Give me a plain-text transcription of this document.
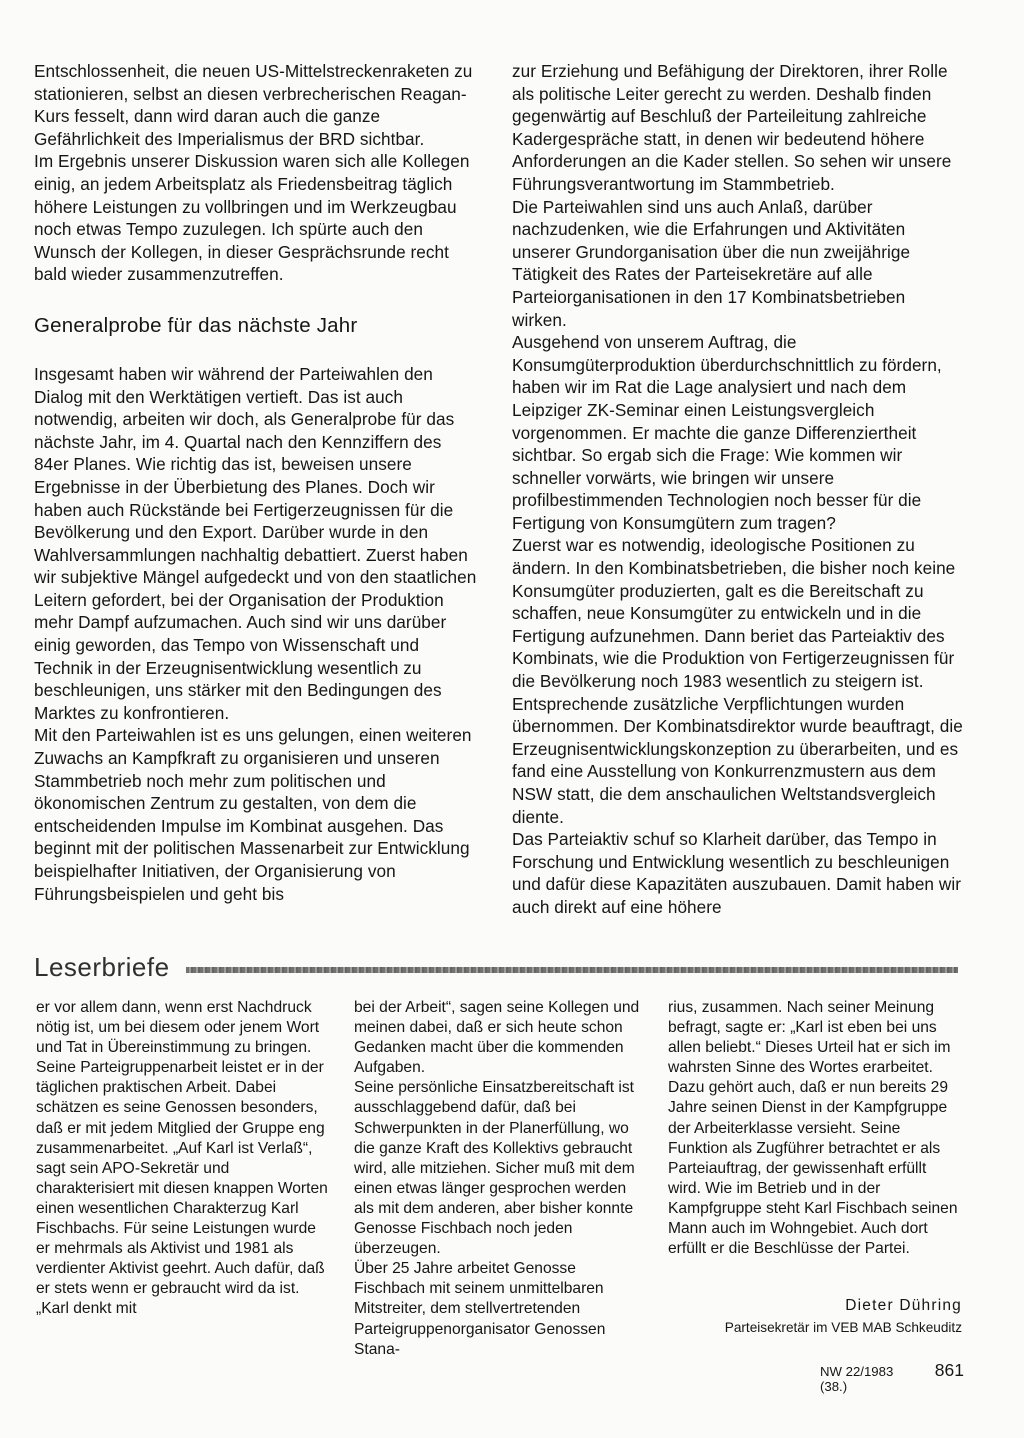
Entschlossenheit, die neuen US-Mittelstreckenraketen zu stationieren, selbst an diesen verbrecherischen Reagan-Kurs fesselt, dann wird daran auch die ganze Gefährlichkeit des Imperialismus der BRD sichtbar.

Im Ergebnis unserer Diskussion waren sich alle Kollegen einig, an jedem Arbeitsplatz als Friedensbeitrag täglich höhere Leistungen zu vollbringen und im Werkzeugbau noch etwas Tempo zuzulegen. Ich spürte auch den Wunsch der Kollegen, in dieser Gesprächsrunde recht bald wieder zusammenzutreffen.

Generalprobe für das nächste Jahr

Insgesamt haben wir während der Parteiwahlen den Dialog mit den Werktätigen vertieft. Das ist auch notwendig, arbeiten wir doch, als Generalprobe für das nächste Jahr, im 4. Quartal nach den Kennziffern des 84er Planes. Wie richtig das ist, beweisen unsere Ergebnisse in der Überbietung des Planes. Doch wir haben auch Rückstände bei Fertigerzeugnissen für die Bevölkerung und den Export. Darüber wurde in den Wahlversammlungen nachhaltig debattiert. Zuerst haben wir subjektive Mängel aufgedeckt und von den staatlichen Leitern gefordert, bei der Organisation der Produktion mehr Dampf aufzumachen. Auch sind wir uns darüber einig geworden, das Tempo von Wissenschaft und Technik in der Erzeugnisentwicklung wesentlich zu beschleunigen, uns stärker mit den Bedingungen des Marktes zu konfrontieren.

Mit den Parteiwahlen ist es uns gelungen, einen weiteren Zuwachs an Kampfkraft zu organisieren und unseren Stammbetrieb noch mehr zum politischen und ökonomischen Zentrum zu gestalten, von dem die entscheidenden Impulse im Kombinat ausgehen. Das beginnt mit der politischen Massenarbeit zur Entwicklung beispielhafter Initiativen, der Organisierung von Führungsbeispielen und geht bis

zur Erziehung und Befähigung der Direktoren, ihrer Rolle als politische Leiter gerecht zu werden. Deshalb finden gegenwärtig auf Beschluß der Parteileitung zahlreiche Kadergespräche statt, in denen wir bedeutend höhere Anforderungen an die Kader stellen. So sehen wir unsere Führungsverantwortung im Stammbetrieb.

Die Parteiwahlen sind uns auch Anlaß, darüber nachzudenken, wie die Erfahrungen und Aktivitäten unserer Grundorganisation über die nun zweijährige Tätigkeit des Rates der Parteisekretäre auf alle Parteiorganisationen in den 17 Kombinatsbetrieben wirken.

Ausgehend von unserem Auftrag, die Konsumgüterproduktion überdurchschnittlich zu fördern, haben wir im Rat die Lage analysiert und nach dem Leipziger ZK-Seminar einen Leistungsvergleich vorgenommen. Er machte die ganze Differenziertheit sichtbar. So ergab sich die Frage: Wie kommen wir schneller vorwärts, wie bringen wir unsere profilbestimmenden Technologien noch besser für die Fertigung von Konsumgütern zum tragen?

Zuerst war es notwendig, ideologische Positionen zu ändern. In den Kombinatsbetrieben, die bisher noch keine Konsumgüter produzierten, galt es die Bereitschaft zu schaffen, neue Konsumgüter zu entwickeln und in die Fertigung aufzunehmen. Dann beriet das Parteiaktiv des Kombinats, wie die Produktion von Fertigerzeugnissen für die Bevölkerung noch 1983 wesentlich zu steigern ist. Entsprechende zusätzliche Verpflichtungen wurden übernommen. Der Kombinatsdirektor wurde beauftragt, die Erzeugnisentwicklungskonzeption zu überarbeiten, und es fand eine Ausstellung von Konkurrenzmustern aus dem NSW statt, die dem anschaulichen Weltstandsvergleich diente.

Das Parteiaktiv schuf so Klarheit darüber, das Tempo in Forschung und Entwicklung wesentlich zu beschleunigen und dafür diese Kapazitäten auszubauen. Damit haben wir auch direkt auf eine höhere

Leserbriefe

er vor allem dann, wenn erst Nachdruck nötig ist, um bei diesem oder jenem Wort und Tat in Übereinstimmung zu bringen. Seine Parteigruppenarbeit leistet er in der täglichen praktischen Arbeit. Dabei schätzen es seine Genossen besonders, daß er mit jedem Mitglied der Gruppe eng zusammenarbeitet. „Auf Karl ist Verlaß“, sagt sein APO-Sekretär und charakterisiert mit diesen knappen Worten einen wesentlichen Charakterzug Karl Fischbachs. Für seine Leistungen wurde er mehrmals als Aktivist und 1981 als verdienter Aktivist geehrt. Auch dafür, daß er stets wenn er gebraucht wird da ist. „Karl denkt mit

bei der Arbeit“, sagen seine Kollegen und meinen dabei, daß er sich heute schon Gedanken macht über die kommenden Aufgaben.

Seine persönliche Einsatzbereitschaft ist ausschlaggebend dafür, daß bei Schwerpunkten in der Planerfüllung, wo die ganze Kraft des Kollektivs gebraucht wird, alle mitziehen. Sicher muß mit dem einen etwas länger gesprochen werden als mit dem anderen, aber bisher konnte Genosse Fischbach noch jeden überzeugen.

Über 25 Jahre arbeitet Genosse Fischbach mit seinem unmittelbaren Mitstreiter, dem stellvertretenden Parteigruppenorganisator Genossen Stana-

rius, zusammen. Nach seiner Meinung befragt, sagte er: „Karl ist eben bei uns allen beliebt.“ Dieses Urteil hat er sich im wahrsten Sinne des Wortes erarbeitet. Dazu gehört auch, daß er nun bereits 29 Jahre seinen Dienst in der Kampfgruppe der Arbeiterklasse versieht. Seine Funktion als Zugführer betrachtet er als Parteiauftrag, der gewissenhaft erfüllt wird. Wie im Betrieb und in der Kampfgruppe steht Karl Fischbach seinen Mann auch im Wohngebiet. Auch dort erfüllt er die Beschlüsse der Partei.

Dieter Dühring
Parteisekretär im VEB MAB Schkeuditz
NW 22/1983 (38.)
861
